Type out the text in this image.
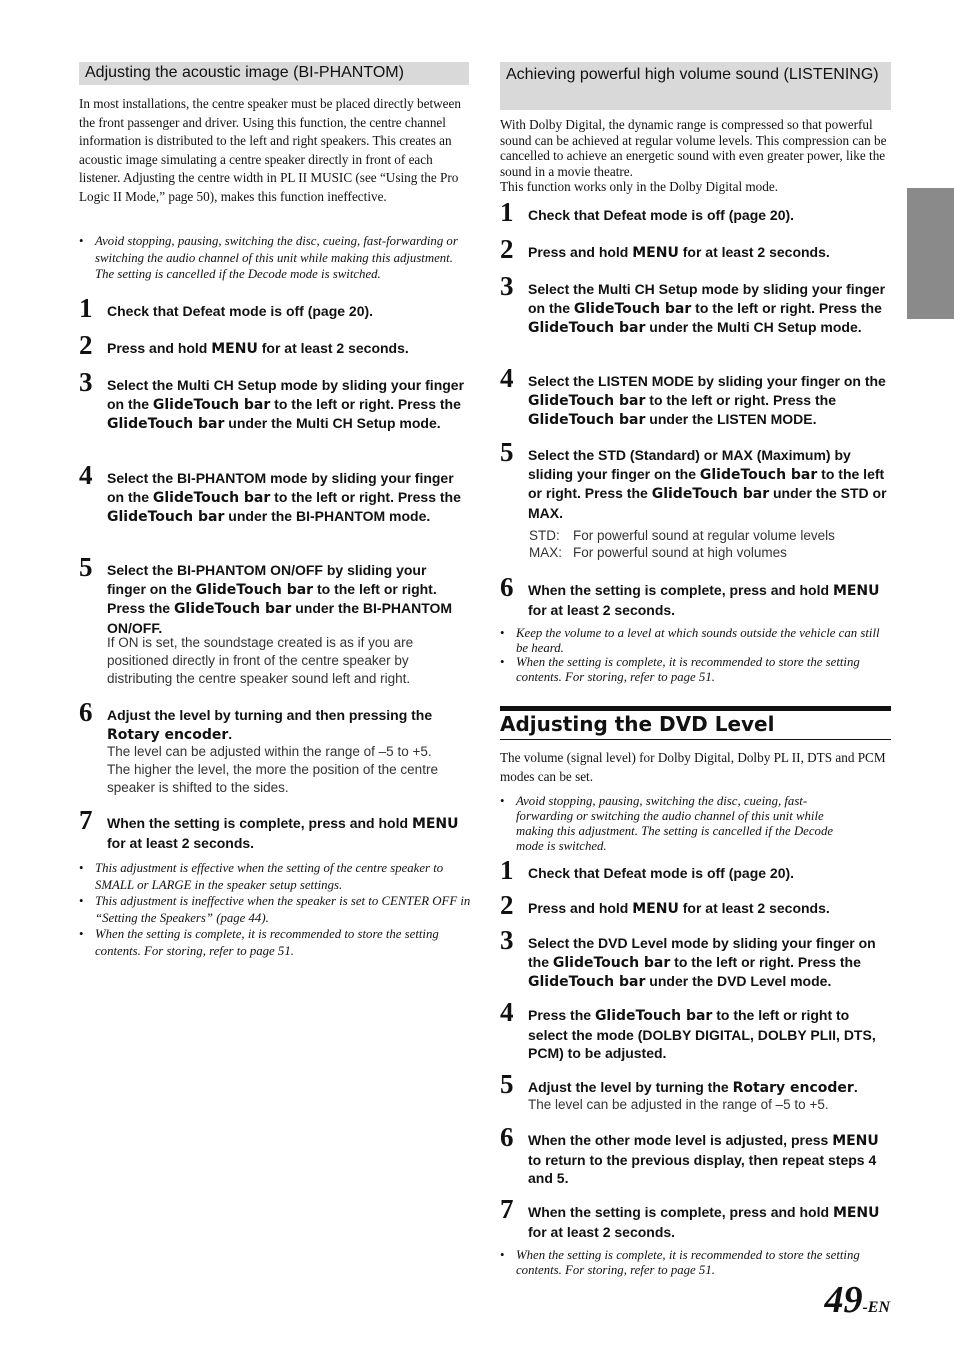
Adjusting the acoustic image (BI-PHANTOM)

In most installations, the centre speaker must be placed directly between the front passenger and driver. Using this function, the centre channel information is distributed to the left and right speakers. This creates an acoustic image simulating a centre speaker directly in front of each listener. Adjusting the centre width in PL II MUSIC (see “Using the Pro Logic II Mode,” page 50), makes this function ineffective.

• Avoid stopping, pausing, switching the disc, cueing, fast-forwarding or switching the audio channel of this unit while making this adjustment. The setting is cancelled if the Decode mode is switched.

1 Check that Defeat mode is off (page 20).
2 Press and hold MENU for at least 2 seconds.
3 Select the Multi CH Setup mode by sliding your finger on the GlideTouch bar to the left or right. Press the GlideTouch bar under the Multi CH Setup mode.
4 Select the BI-PHANTOM mode by sliding your finger on the GlideTouch bar to the left or right. Press the GlideTouch bar under the BI-PHANTOM mode.
5 Select the BI-PHANTOM ON/OFF by sliding your finger on the GlideTouch bar to the left or right. Press the GlideTouch bar under the BI-PHANTOM ON/OFF.
If ON is set, the soundstage created is as if you are positioned directly in front of the centre speaker by distributing the centre speaker sound left and right.
6 Adjust the level by turning and then pressing the Rotary encoder.
The level can be adjusted within the range of –5 to +5. The higher the level, the more the position of the centre speaker is shifted to the sides.
7 When the setting is complete, press and hold MENU for at least 2 seconds.

• This adjustment is effective when the setting of the centre speaker to SMALL or LARGE in the speaker setup settings.

• This adjustment is ineffective when the speaker is set to CENTER OFF in “Setting the Speakers” (page 44).

• When the setting is complete, it is recommended to store the setting contents. For storing, refer to page 51.

Achieving powerful high volume sound (LISTENING)

With Dolby Digital, the dynamic range is compressed so that powerful sound can be achieved at regular volume levels. This compression can be cancelled to achieve an energetic sound with even greater power, like the sound in a movie theatre.

This function works only in the Dolby Digital mode.

1 Check that Defeat mode is off (page 20).
2 Press and hold MENU for at least 2 seconds.
3 Select the Multi CH Setup mode by sliding your finger on the GlideTouch bar to the left or right. Press the GlideTouch bar under the Multi CH Setup mode.
4 Select the LISTEN MODE by sliding your finger on the GlideTouch bar to the left or right. Press the GlideTouch bar under the LISTEN MODE.
5 Select the STD (Standard) or MAX (Maximum) by sliding your finger on the GlideTouch bar to the left or right. Press the GlideTouch bar under the STD or MAX.
STD: For powerful sound at regular volume levels
MAX: For powerful sound at high volumes
6 When the setting is complete, press and hold MENU for at least 2 seconds.

• Keep the volume to a level at which sounds outside the vehicle can still be heard.

• When the setting is complete, it is recommended to store the setting contents. For storing, refer to page 51.

Adjusting the DVD Level

The volume (signal level) for Dolby Digital, Dolby PL II, DTS and PCM modes can be set.

• Avoid stopping, pausing, switching the disc, cueing, fast-forwarding or switching the audio channel of this unit while making this adjustment. The setting is cancelled if the Decode mode is switched.

1 Check that Defeat mode is off (page 20).
2 Press and hold MENU for at least 2 seconds.
3 Select the DVD Level mode by sliding your finger on the GlideTouch bar to the left or right. Press the GlideTouch bar under the DVD Level mode.
4 Press the GlideTouch bar to the left or right to select the mode (DOLBY DIGITAL, DOLBY PLII, DTS, PCM) to be adjusted.
5 Adjust the level by turning the Rotary encoder.
The level can be adjusted in the range of –5 to +5.
6 When the other mode level is adjusted, press MENU to return to the previous display, then repeat steps 4 and 5.
7 When the setting is complete, press and hold MENU for at least 2 seconds.

• When the setting is complete, it is recommended to store the setting contents. For storing, refer to page 51.

49-EN
